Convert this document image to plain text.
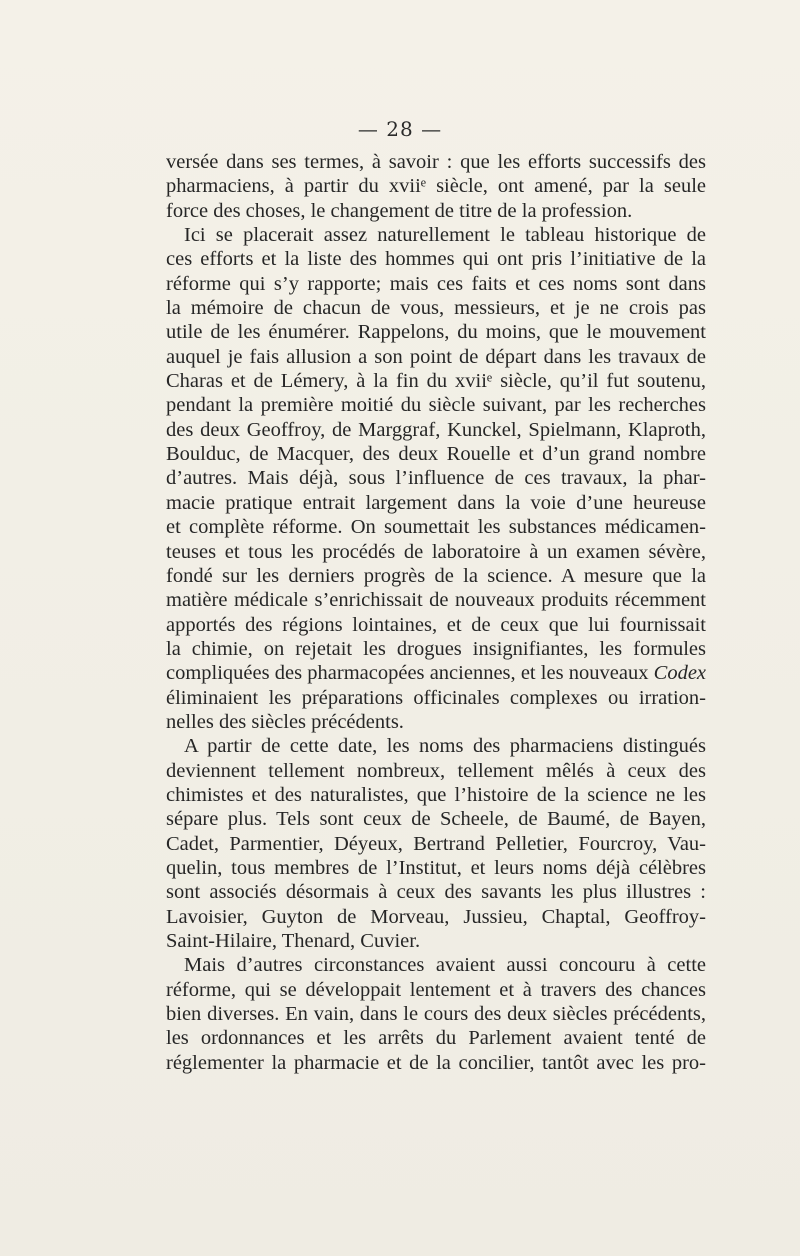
— 28 —
versée dans ses termes, à savoir : que les efforts successifs des
pharmaciens, à partir du xviiᵉ siècle, ont amené, par la seule
force des choses, le changement de titre de la profession.
Ici se placerait assez naturellement le tableau historique de
ces efforts et la liste des hommes qui ont pris l’initiative de la
réforme qui s’y rapporte; mais ces faits et ces noms sont dans
la mémoire de chacun de vous, messieurs, et je ne crois pas
utile de les énumérer. Rappelons, du moins, que le mouvement
auquel je fais allusion a son point de départ dans les travaux de
Charas et de Lémery, à la fin du xviiᵉ siècle, qu’il fut soutenu,
pendant la première moitié du siècle suivant, par les recherches
des deux Geoffroy, de Marggraf, Kunckel, Spielmann, Klaproth,
Boulduc, de Macquer, des deux Rouelle et d’un grand nombre
d’autres. Mais déjà, sous l’influence de ces travaux, la phar-
macie pratique entrait largement dans la voie d’une heureuse
et complète réforme. On soumettait les substances médicamen-
teuses et tous les procédés de laboratoire à un examen sévère,
fondé sur les derniers progrès de la science. A mesure que la
matière médicale s’enrichissait de nouveaux produits récemment
apportés des régions lointaines, et de ceux que lui fournissait
la chimie, on rejetait les drogues insignifiantes, les formules
compliquées des pharmacopées anciennes, et les nouveaux Codex
éliminaient les préparations officinales complexes ou irration-
nelles des siècles précédents.
A partir de cette date, les noms des pharmaciens distingués
deviennent tellement nombreux, tellement mêlés à ceux des
chimistes et des naturalistes, que l’histoire de la science ne les
sépare plus. Tels sont ceux de Scheele, de Baumé, de Bayen,
Cadet, Parmentier, Déyeux, Bertrand Pelletier, Fourcroy, Vau-
quelin, tous membres de l’Institut, et leurs noms déjà célèbres
sont associés désormais à ceux des savants les plus illustres :
Lavoisier, Guyton de Morveau, Jussieu, Chaptal, Geoffroy-
Saint-Hilaire, Thenard, Cuvier.
Mais d’autres circonstances avaient aussi concouru à cette
réforme, qui se développait lentement et à travers des chances
bien diverses. En vain, dans le cours des deux siècles précédents,
les ordonnances et les arrêts du Parlement avaient tenté de
réglementer la pharmacie et de la concilier, tantôt avec les pro-
